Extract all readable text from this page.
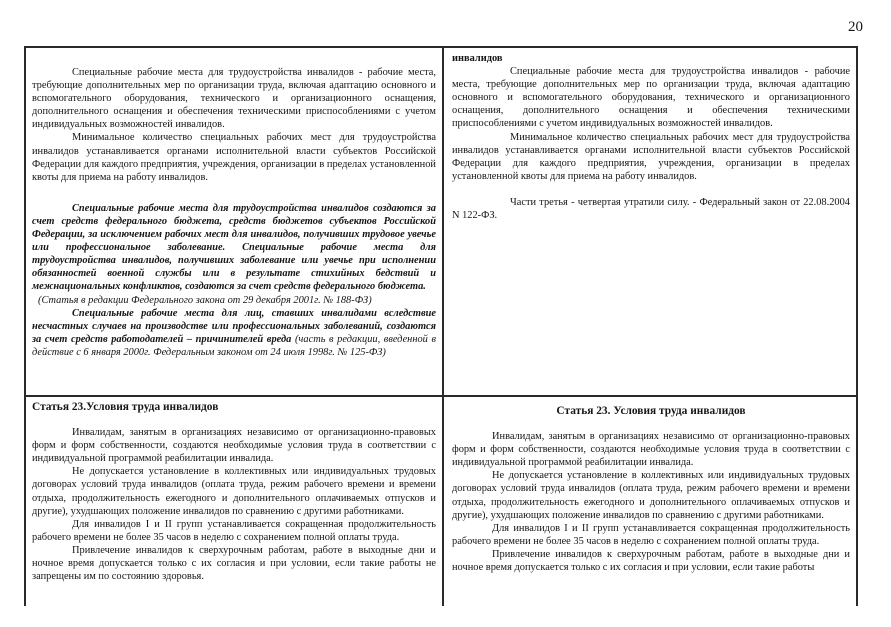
20

Специальные рабочие места для трудоустройства инвалидов - рабочие места, требующие дополнительных мер по организации труда, включая адаптацию основного и вспомогательного оборудования, технического и организационного оснащения, дополнительного оснащения и обеспечения техническими приспособлениями с учетом индивидуальных возможностей инвалидов.

Минимальное количество специальных рабочих мест для трудоустройства инвалидов устанавливается органами исполнительной власти субъектов Российской Федерации для каждого предприятия, учреждения, организации в пределах установленной квоты для приема на работу инвалидов.

Специальные рабочие места для трудоустройства инвалидов создаются за счет средств федерального бюджета, средств бюджетов субъектов Российской Федерации, за исключением рабочих мест для инвалидов, получивших трудовое увечье или профессиональное заболевание. Специальные рабочие места для трудоустройства инвалидов, получивших заболевание или увечье при исполнении обязанностей военной службы или в результате стихийных бедствий и межнациональных конфликтов, создаются за счет средств федерального бюджета.

(Статья в редакции Федерального закона от 29 декабря 2001г. № 188-ФЗ)

Специальные рабочие места для лиц, ставших инвалидами вследствие несчастных случаев на производстве или профессиональных заболеваний, создаются за счет средств работодателей – причинителей вреда (часть в редакции, введенной в действие с 6 января 2000г. Федеральным законом от 24 июля 1998г. № 125-ФЗ)

инвалидов

Специальные рабочие места для трудоустройства инвалидов - рабочие места, требующие дополнительных мер по организации труда, включая адаптацию основного и вспомогательного оборудования, технического и организационного оснащения, дополнительного оснащения и обеспечения техническими приспособлениями с учетом индивидуальных возможностей инвалидов.

Минимальное количество специальных рабочих мест для трудоустройства инвалидов устанавливается органами исполнительной власти субъектов Российской Федерации для каждого предприятия, учреждения, организации в пределах установленной квоты для приема на работу инвалидов.

Части третья - четвертая утратили силу. - Федеральный закон от 22.08.2004 N 122-ФЗ.

Статья 23.Условия труда инвалидов

Инвалидам, занятым в организациях независимо от организационно-правовых форм и форм собственности, создаются необходимые условия труда в соответствии с индивидуальной программой реабилитации инвалида.

Не допускается установление в коллективных или индивидуальных трудовых договорах условий труда инвалидов (оплата труда, режим рабочего времени и времени отдыха, продолжительность ежегодного и дополнительного оплачиваемых отпусков и другие), ухудшающих положение инвалидов по сравнению с другими работниками.

Для инвалидов I и II групп устанавливается сокращенная продолжительность рабочего времени не более 35 часов в неделю с сохранением полной оплаты труда.

Привлечение инвалидов к сверхурочным работам, работе в выходные дни и ночное время допускается только с их согласия и при условии, если такие работы не запрещены им по состоянию здоровья.

Статья 23. Условия труда инвалидов

Инвалидам, занятым в организациях независимо от организационно-правовых форм и форм собственности, создаются необходимые условия труда в соответствии с индивидуальной программой реабилитации инвалида.

Не допускается установление в коллективных или индивидуальных трудовых договорах условий труда инвалидов (оплата труда, режим рабочего времени и времени отдыха, продолжительность ежегодного и дополнительного оплачиваемых отпусков и другие), ухудшающих положение инвалидов по сравнению с другими работниками.

Для инвалидов I и II групп устанавливается сокращенная продолжительность рабочего времени не более 35 часов в неделю с сохранением полной оплаты труда.

Привлечение инвалидов к сверхурочным работам, работе в выходные дни и ночное время допускается только с их согласия и при условии, если такие работы
